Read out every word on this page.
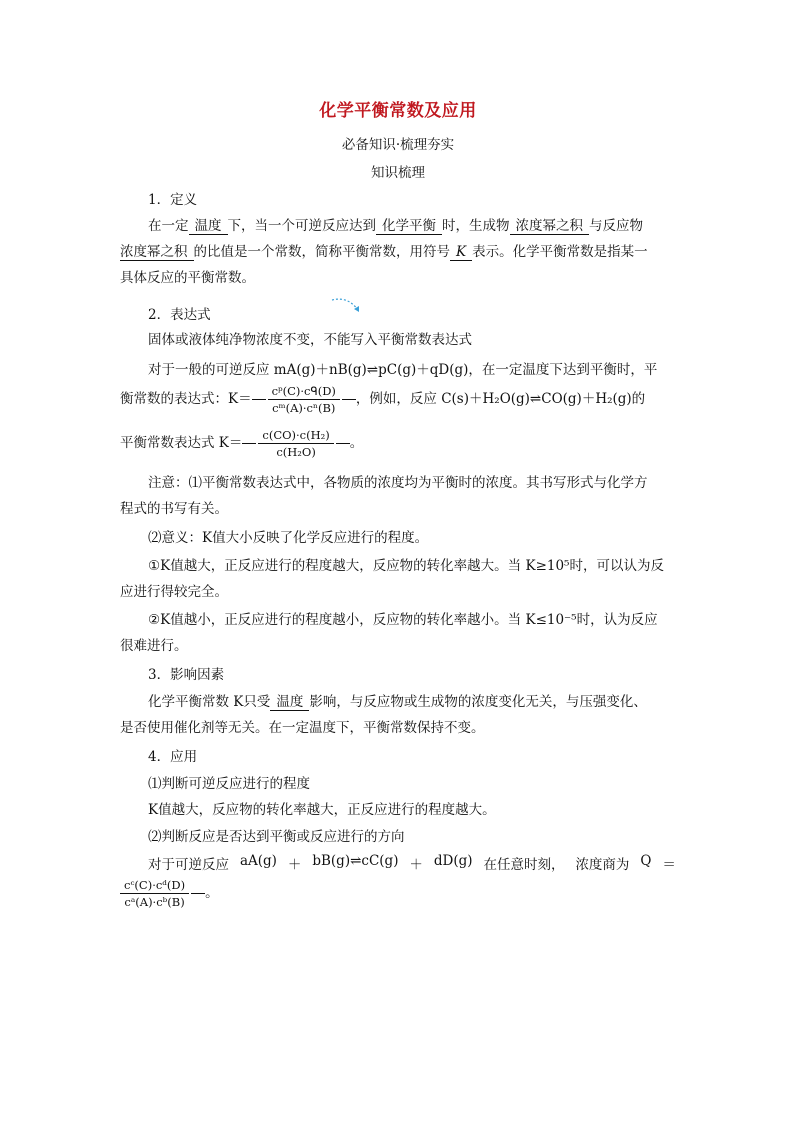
化学平衡常数及应用
必备知识·梳理夯实
知识梳理
1．定义
在一定 温度 下，当一个可逆反应达到 化学平衡 时，生成物 浓度幂之积 与反应物
浓度幂之积 的比值是一个常数，简称平衡常数，用符号 K 表示。化学平衡常数是指某一
具体反应的平衡常数。
2．表达式
固体或液体纯净物浓度不变，不能写入平衡常数表达式
对于一般的可逆反应 mA(g)＋nB(g)⇌pC(g)＋qD(g)，在一定温度下达到平衡时，平
衡常数的表达式：$K= \frac{\text{cᵖ(C)·cᑫ(D)}}{\text{cᵐ(A)·cⁿ(B)}}$ ，例如，反应 C(s)＋H₂O(g)⇌CO(g)＋H₂(g)的
平衡常数表达式 $K= \frac{\text{c(CO)·c(H₂)}}{\text{c(H₂O)}}$ 。
注意：⑴平衡常数表达式中，各物质的浓度均为平衡时的浓度。其书写形式与化学方
程式的书写有关。
⑵意义：K值大小反映了化学反应进行的程度。
①K值越大，正反应进行的程度越大，反应物的转化率越大。当 K≥10⁵时，可以认为反
应进行得较完全。
②K值越小，正反应进行的程度越小，反应物的转化率越小。当 K≤10⁻⁵时，认为反应
很难进行。
3．影响因素
化学平衡常数 K只受 温度 影响，与反应物或生成物的浓度变化无关，与压强变化、
是否使用催化剂等无关。在一定温度下，平衡常数保持不变。
4．应用
⑴判断可逆反应进行的程度
K值越大，反应物的转化率越大，正反应进行的程度越大。
⑵判断反应是否达到平衡或反应进行的方向
对于可逆反应 aA(g) ＋ bB(g)⇌cC(g) ＋ dD(g) 在任意时刻， 浓度商为 Q ＝
$\frac{\text{cᶜ(C)·cᵈ(D)}}{\text{cᵃ(A)·cᵇ(B)}}$ 。
